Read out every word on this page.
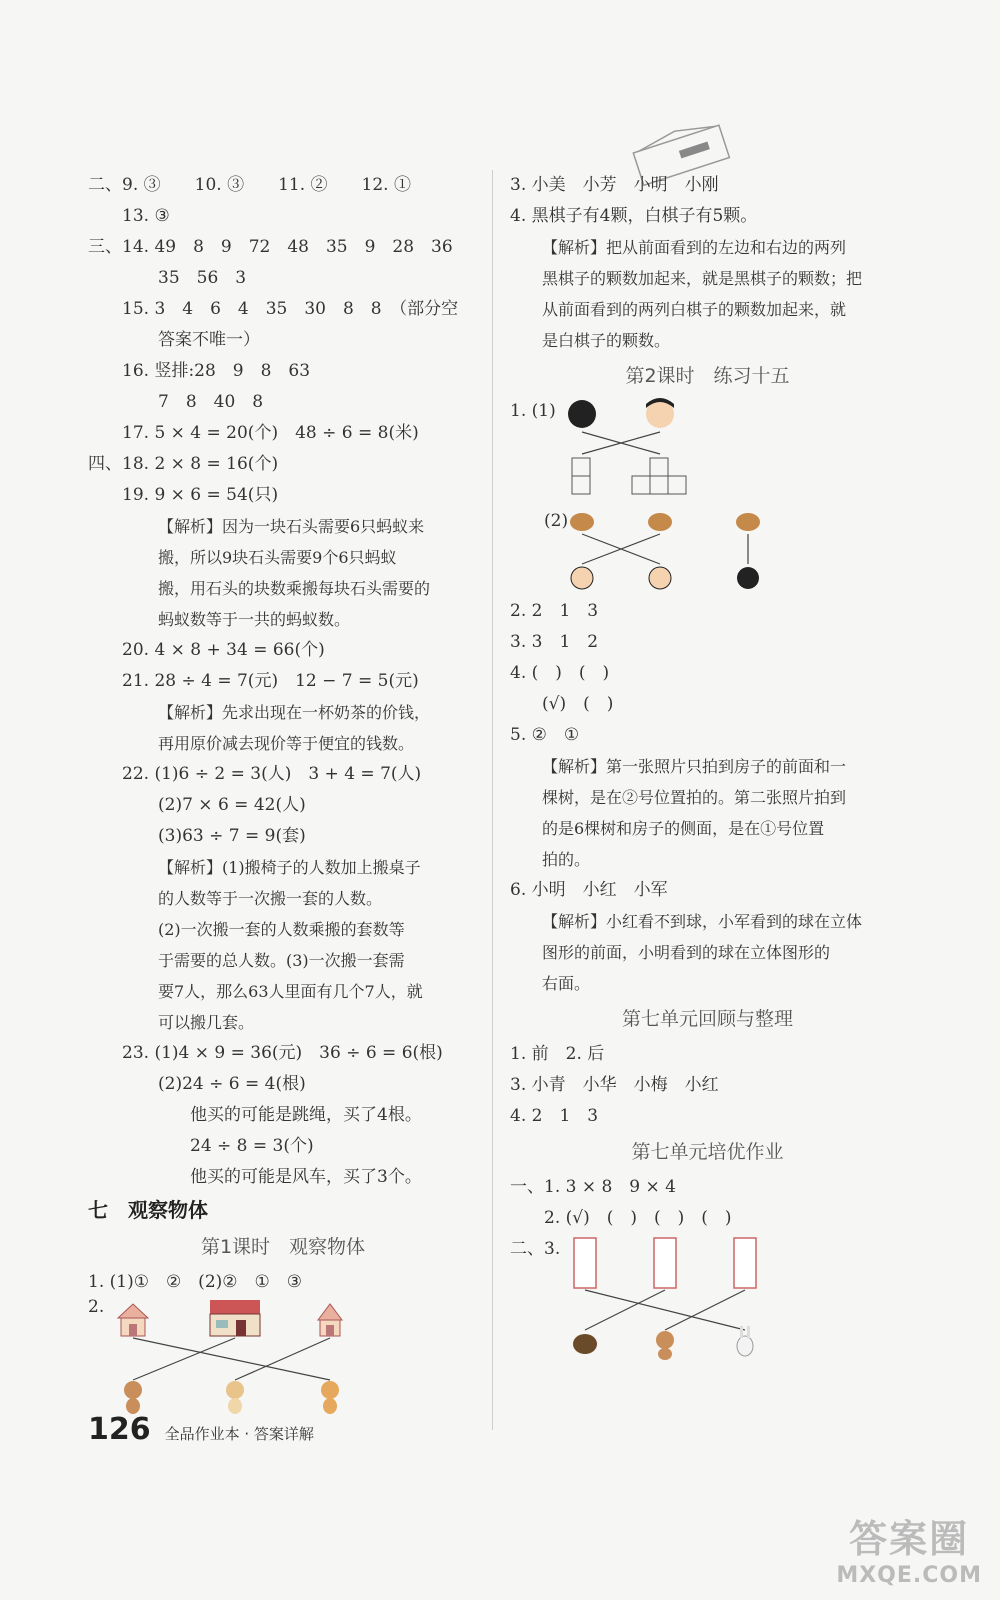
二、9. ③　　10. ③　　11. ②　　12. ①
13. ③
三、14. 49　8　9　72　48　35　9　28　36
35　56　3
15. 3　4　6　4　35　30　8　8　（部分空
答案不唯一）
16. 竖排:28　9　8　63
7　8　40　8
17. 5 × 4 = 20(个)　48 ÷ 6 = 8(米)
四、18. 2 × 8 = 16(个)
19. 9 × 6 = 54(只)
【解析】因为一块石头需要6只蚂蚁来
搬，所以9块石头需要9个6只蚂蚁
搬，用石头的块数乘搬每块石头需要的
蚂蚁数等于一共的蚂蚁数。
20. 4 × 8 + 34 = 66(个)
21. 28 ÷ 4 = 7(元)　12 − 7 = 5(元)
【解析】先求出现在一杯奶茶的价钱，
再用原价减去现价等于便宜的钱数。
22. (1)6 ÷ 2 = 3(人)　3 + 4 = 7(人)
(2)7 × 6 = 42(人)
(3)63 ÷ 7 = 9(套)
【解析】(1)搬椅子的人数加上搬桌子
的人数等于一次搬一套的人数。
(2)一次搬一套的人数乘搬的套数等
于需要的总人数。(3)一次搬一套需
要7人，那么63人里面有几个7人，就
可以搬几套。
23. (1)4 × 9 = 36(元)　36 ÷ 6 = 6(根)
(2)24 ÷ 6 = 4(根)
他买的可能是跳绳，买了4根。
24 ÷ 8 = 3(个)
他买的可能是风车，买了3个。
七　观察物体
第1课时　观察物体
1. (1)①　②　(2)②　①　③
2.
3. 小美　小芳　小明　小刚
4. 黑棋子有4颗，白棋子有5颗。
【解析】把从前面看到的左边和右边的两列
黑棋子的颗数加起来，就是黑棋子的颗数；把
从前面看到的两列白棋子的颗数加起来，就
是白棋子的颗数。
第2课时　练习十五
1. (1)
(2)
2. 2　1　3
3. 3　1　2
4. (　)　(　)
(√)　(　)
5. ②　①
【解析】第一张照片只拍到房子的前面和一
棵树，是在②号位置拍的。第二张照片拍到
的是6棵树和房子的侧面，是在①号位置
拍的。
6. 小明　小红　小军
【解析】小红看不到球，小军看到的球在立体
图形的前面，小明看到的球在立体图形的
右面。
第七单元回顾与整理
1. 前　2. 后
3. 小青　小华　小梅　小红
4. 2　1　3
第七单元培优作业
一、1. 3 × 8　9 × 4
2. (√)　(　)　(　)　(　)
二、3.
126 全品作业本 · 答案详解
答案圈
MXQE.COM
